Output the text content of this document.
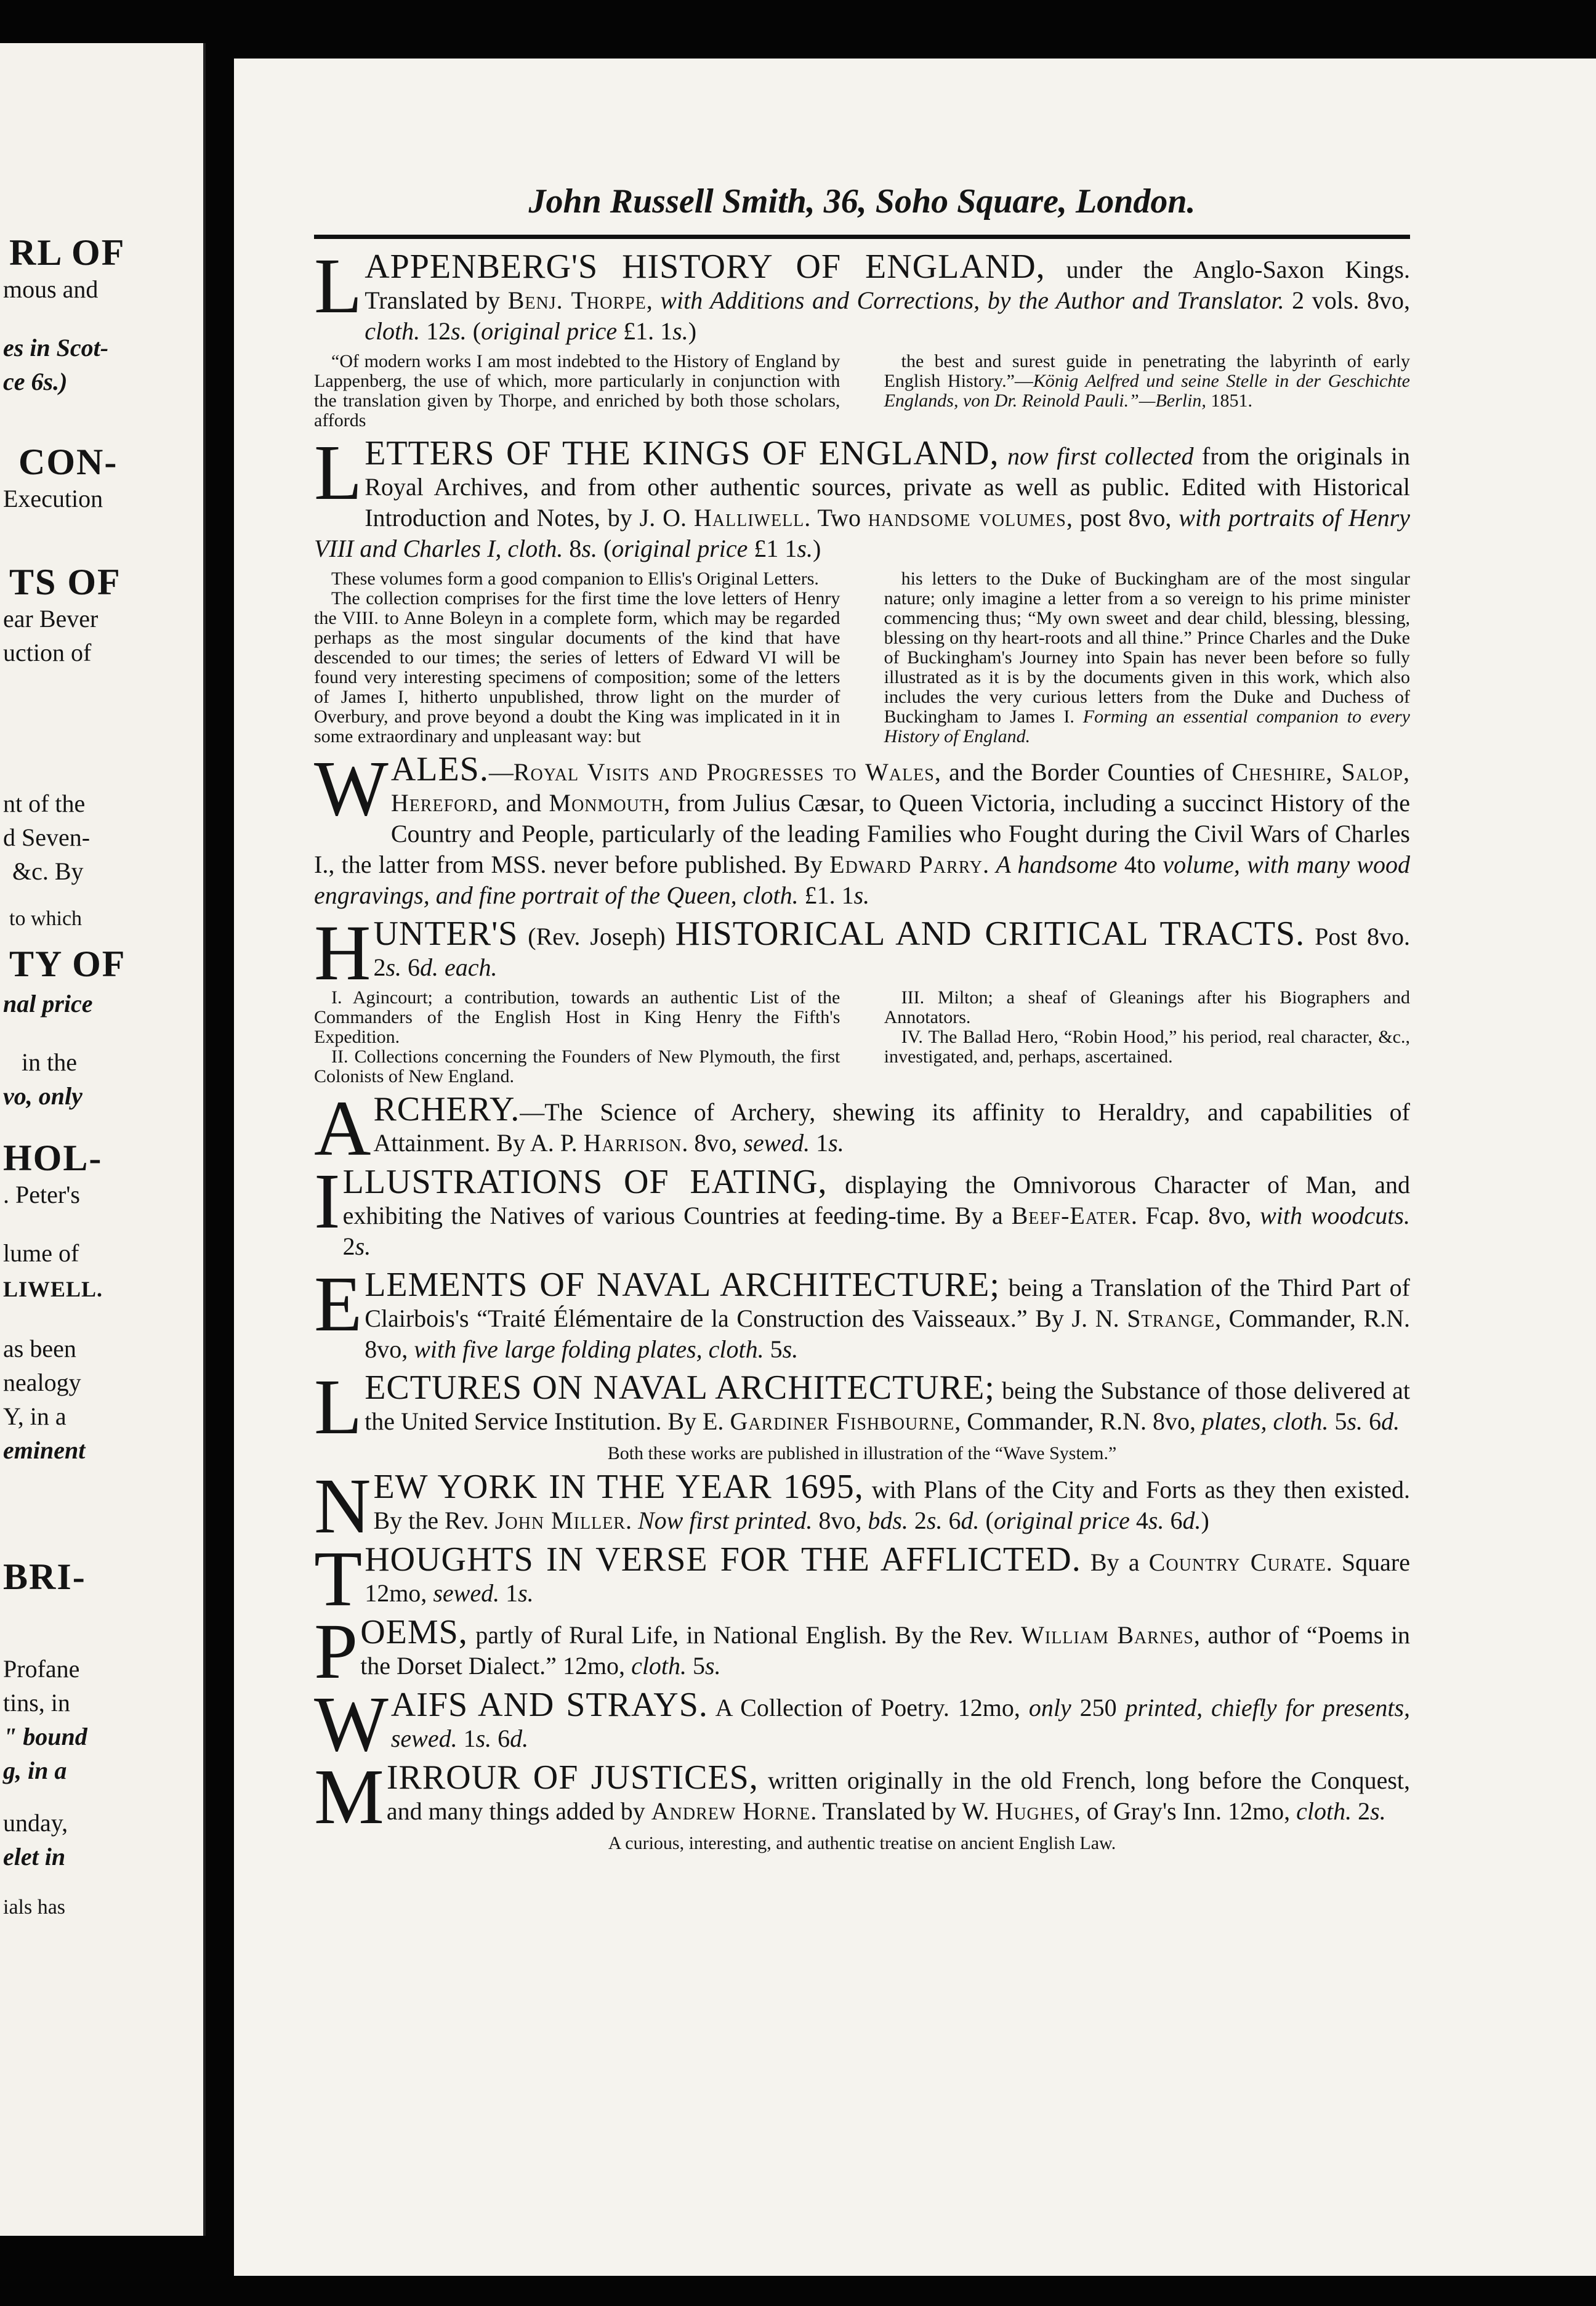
RL OF
mous and
es in Scot-
ce 6s.)
CON-
Execution
TS OF
ear Bever
uction of
nt of the
d Seven-
&c. By
to which
TY OF
nal price
in the
vo, only
HOL-
. Peter's
lume of
LIWELL.
as been
nealogy
Y, in a
eminent
BRI-
Profane
tins, in
" bound
g, in a
unday,
elet in
ials has
John Russell Smith, 36, Soho Square, London.

LAPPENBERG'S HISTORY OF ENGLAND, under the Anglo-Saxon Kings. Translated by Benj. Thorpe, with Additions and Corrections, by the Author and Translator. 2 vols. 8vo, cloth. 12s. (original price £1. 1s.)

“Of modern works I am most indebted to the History of England by Lappenberg, the use of which, more particularly in conjunction with the translation given by Thorpe, and enriched by both those scholars, affords

the best and surest guide in penetrating the labyrinth of early English History.”—König Aelfred und seine Stelle in der Geschichte Englands, von Dr. Reinold Pauli.”—Berlin, 1851.

LETTERS OF THE KINGS OF ENGLAND, now first collected from the originals in Royal Archives, and from other authentic sources, private as well as public. Edited with Historical Introduction and Notes, by J. O. Halliwell. Two handsome volumes, post 8vo, with portraits of Henry VIII and Charles I, cloth. 8s. (original price £1 1s.)

These volumes form a good companion to Ellis's Original Letters.

The collection comprises for the first time the love letters of Henry the VIII. to Anne Boleyn in a complete form, which may be regarded perhaps as the most singular documents of the kind that have descended to our times; the series of letters of Edward VI will be found very interesting specimens of composition; some of the letters of James I, hitherto unpublished, throw light on the murder of Overbury, and prove beyond a doubt the King was implicated in it in some extraordinary and unpleasant way: but

his letters to the Duke of Buckingham are of the most singular nature; only imagine a letter from a so vereign to his prime minister commencing thus; “My own sweet and dear child, blessing, blessing, blessing on thy heart-roots and all thine.” Prince Charles and the Duke of Buckingham's Journey into Spain has never been before so fully illustrated as it is by the documents given in this work, which also includes the very curious letters from the Duke and Duchess of Buckingham to James I. Forming an essential companion to every History of England.

WALES.—Royal Visits and Progresses to Wales, and the Border Counties of Cheshire, Salop, Hereford, and Monmouth, from Julius Cæsar, to Queen Victoria, including a succinct History of the Country and People, particularly of the leading Families who Fought during the Civil Wars of Charles I., the latter from MSS. never before published. By Edward Parry. A handsome 4to volume, with many wood engravings, and fine portrait of the Queen, cloth. £1. 1s.

HUNTER'S (Rev. Joseph) HISTORICAL AND CRITICAL TRACTS. Post 8vo. 2s. 6d. each.

I. Agincourt; a contribution, towards an authentic List of the Commanders of the English Host in King Henry the Fifth's Expedition.

II. Collections concerning the Founders of New Plymouth, the first Colonists of New England.

III. Milton; a sheaf of Gleanings after his Biographers and Annotators.

IV. The Ballad Hero, “Robin Hood,” his period, real character, &c., investigated, and, perhaps, ascertained.

ARCHERY.—The Science of Archery, shewing its affinity to Heraldry, and capabilities of Attainment. By A. P. Harrison. 8vo, sewed. 1s.

ILLUSTRATIONS OF EATING, displaying the Omnivorous Character of Man, and exhibiting the Natives of various Countries at feeding-time. By a Beef-Eater. Fcap. 8vo, with woodcuts. 2s.

ELEMENTS OF NAVAL ARCHITECTURE; being a Translation of the Third Part of Clairbois's “Traité Élémentaire de la Construction des Vaisseaux.” By J. N. Strange, Commander, R.N. 8vo, with five large folding plates, cloth. 5s.

LECTURES ON NAVAL ARCHITECTURE; being the Substance of those delivered at the United Service Institution. By E. Gardiner Fishbourne, Commander, R.N. 8vo, plates, cloth. 5s. 6d.

Both these works are published in illustration of the “Wave System.”

NEW YORK IN THE YEAR 1695, with Plans of the City and Forts as they then existed. By the Rev. John Miller. Now first printed. 8vo, bds. 2s. 6d. (original price 4s. 6d.)

THOUGHTS IN VERSE FOR THE AFFLICTED. By a Country Curate. Square 12mo, sewed. 1s.

POEMS, partly of Rural Life, in National English. By the Rev. William Barnes, author of “Poems in the Dorset Dialect.” 12mo, cloth. 5s.

WAIFS AND STRAYS. A Collection of Poetry. 12mo, only 250 printed, chiefly for presents, sewed. 1s. 6d.

MIRROUR OF JUSTICES, written originally in the old French, long before the Conquest, and many things added by Andrew Horne. Translated by W. Hughes, of Gray's Inn. 12mo, cloth. 2s.

A curious, interesting, and authentic treatise on ancient English Law.
